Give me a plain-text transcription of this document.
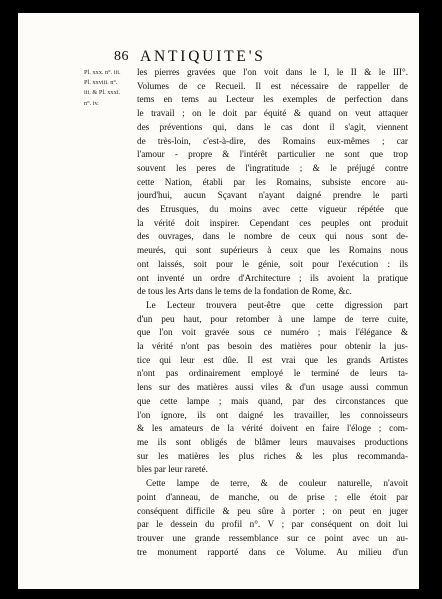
86 ANTIQUITE'S
Pl. xxx. n°. iii.
Pl. xxviii. n°.
iii. & Pl. xxxi.
n°. iv.
les pierres gravées que l'on voit dans le I, le II & le III°.
Volumes de ce Recueil. Il est nécessaire de rappeller de
tems en tems au Lecteur les exemples de perfection dans
le travail ; on le doit par équité & quand on veut attaquer
des préventions qui, dans le cas dont il s'agit, viennent
de très-loin, c'est-à-dire, des Romains eux-mêmes ; car
l'amour - propre & l'intérêt particulier ne sont que trop
souvent les peres de l'ingratitude ; & le préjugé contre
cette Nation, établi par les Romains, subsiste encore au-
jourd'hui, aucun Sçavant n'ayant daigné prendre le parti
des Etrusques, du moins avec cette vigueur répétée que
la vérité doit inspirer. Cependant ces peuples ont produit
des ouvrages, dans le nombre de ceux qui nous sont de-
meurés, qui sont supérieurs à ceux que les Romains nous
ont laissés, soit pour le génie, soit pour l'exécution : ils
ont inventé un ordre d'Architecture ; ils avoient la pratique
de tous les Arts dans le tems de la fondation de Rome, &c.
Le Lecteur trouvera peut-être que cette digression part
d'un peu haut, pour retomber à une lampe de terre cuite,
que l'on voit gravée sous ce numéro ; mais l'élégance &
la vérité n'ont pas besoin des matières pour obtenir la jus-
tice qui leur est dûe. Il est vrai que les grands Artistes
n'ont pas ordinairement employé le terminé de leurs ta-
lens sur des matières aussi viles & d'un usage aussi commun
que cette lampe ; mais quand, par des circonstances que
l'on ignore, ils ont daigné les travailler, les connoisseurs
& les amateurs de la vérité doivent en faire l'éloge ; com-
me ils sont obligés de blâmer leurs mauvaises productions
sur les matières les plus riches & les plus recommanda-
bles par leur rareté.
Cette lampe de terre, & de couleur naturelle, n'avoit
point d'anneau, de manche, ou de prise ; elle étoit par
conséquent difficile & peu sûre à porter ; on peut en juger
par le dessein du profil n°. V ; par conséquent on doit lui
trouver une grande ressemblance sur ce point avec un au-
tre monument rapporté dans ce Volume. Au milieu d'un
